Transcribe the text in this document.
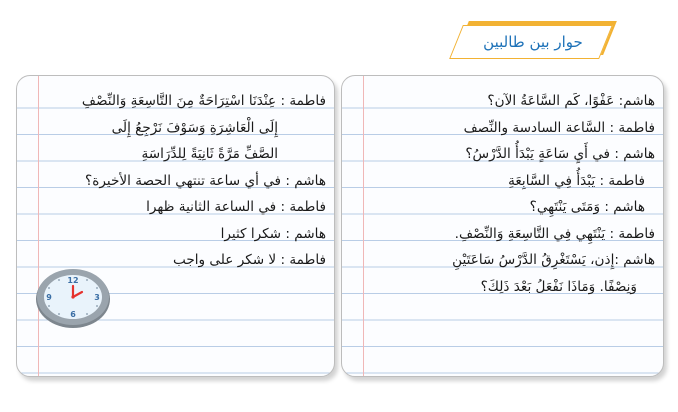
حوار بين طالبين
هاشم: عَفْوًا، كَم السَّاعَةُ الآن؟
فاطمة : السَّاعة السادسة والنِّصف
هاشم : في أَيِ سَاعَةٍ يَبْدَأُ الدَّرْسُ؟
فاطمة : يَبْدَأُ فِي السَّابِعَةِ
هاشم : وَمَتَى يَنْتَهِي؟
فاطمة : يَنْتَهِي فِي التَّاسِعَةِ وَالنِّصْفِ.
هاشم :إِذن، يَسْتَغْرِقُ الدَّرْسُ سَاعَتَيْنِ
وَنِصْفًا. وَمَاذَا نَفْعَلُ بَعْدَ ذَلِكَ؟
فاطمة : عِنْدَنَا اسْتِرَاحَةٌ مِنَ التَّاسِعَةِ وَالنِّصْفِ
إِلَى الْعَاشِرَةِ وَسَوْفَ نَرْجِعُ إِلَى
الصَّفِّ مَرَّةً ثَانِيَةً لِلدِّرَاسَةِ
هاشم : في أي ساعة تنتهي الحصة الأخيرة؟
فاطمة : في الساعة الثانية ظهرا
هاشم : شكرا كثيرا
فاطمة : لا شكر على واجب
12
3
6
9
